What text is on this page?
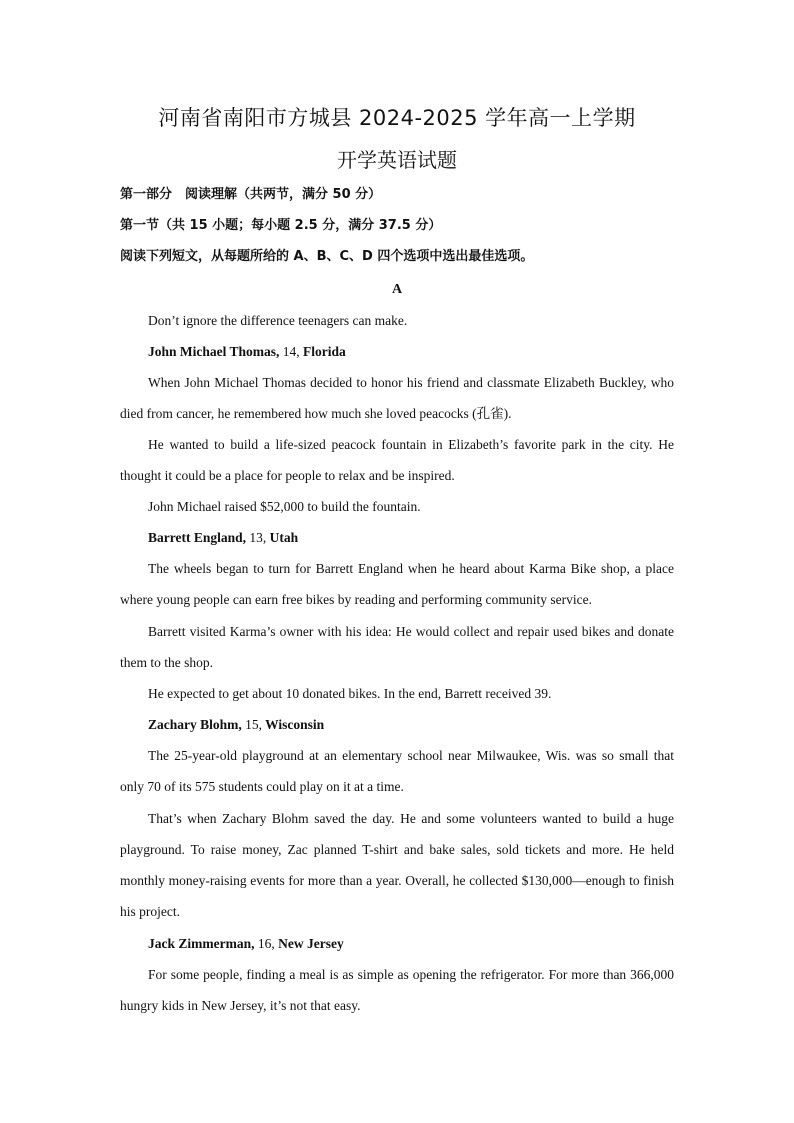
河南省南阳市方城县 2024-2025 学年高一上学期
开学英语试题
第一部分　阅读理解（共两节，满分 50 分）
第一节（共 15 小题；每小题 2.5 分，满分 37.5 分）
阅读下列短文，从每题所给的 A、B、C、D 四个选项中选出最佳选项。
A

Don’t ignore the difference teenagers can make.

John Michael Thomas, 14, Florida

When John Michael Thomas decided to honor his friend and classmate Elizabeth Buckley, who died from cancer, he remembered how much she loved peacocks (孔雀).

He wanted to build a life-sized peacock fountain in Elizabeth’s favorite park in the city. He thought it could be a place for people to relax and be inspired.

John Michael raised $52,000 to build the fountain.

Barrett England, 13, Utah

The wheels began to turn for Barrett England when he heard about Karma Bike shop, a place where young people can earn free bikes by reading and performing community service.

Barrett visited Karma’s owner with his idea: He would collect and repair used bikes and donate them to the shop.

He expected to get about 10 donated bikes. In the end, Barrett received 39.

Zachary Blohm, 15, Wisconsin

The 25-year-old playground at an elementary school near Milwaukee, Wis. was so small that only 70 of its 575 students could play on it at a time.

That’s when Zachary Blohm saved the day. He and some volunteers wanted to build a huge playground. To raise money, Zac planned T-shirt and bake sales, sold tickets and more. He held monthly money-raising events for more than a year. Overall, he collected $130,000—enough to finish his project.

Jack Zimmerman, 16, New Jersey

For some people, finding a meal is as simple as opening the refrigerator. For more than 366,000 hungry kids in New Jersey, it’s not that easy.
